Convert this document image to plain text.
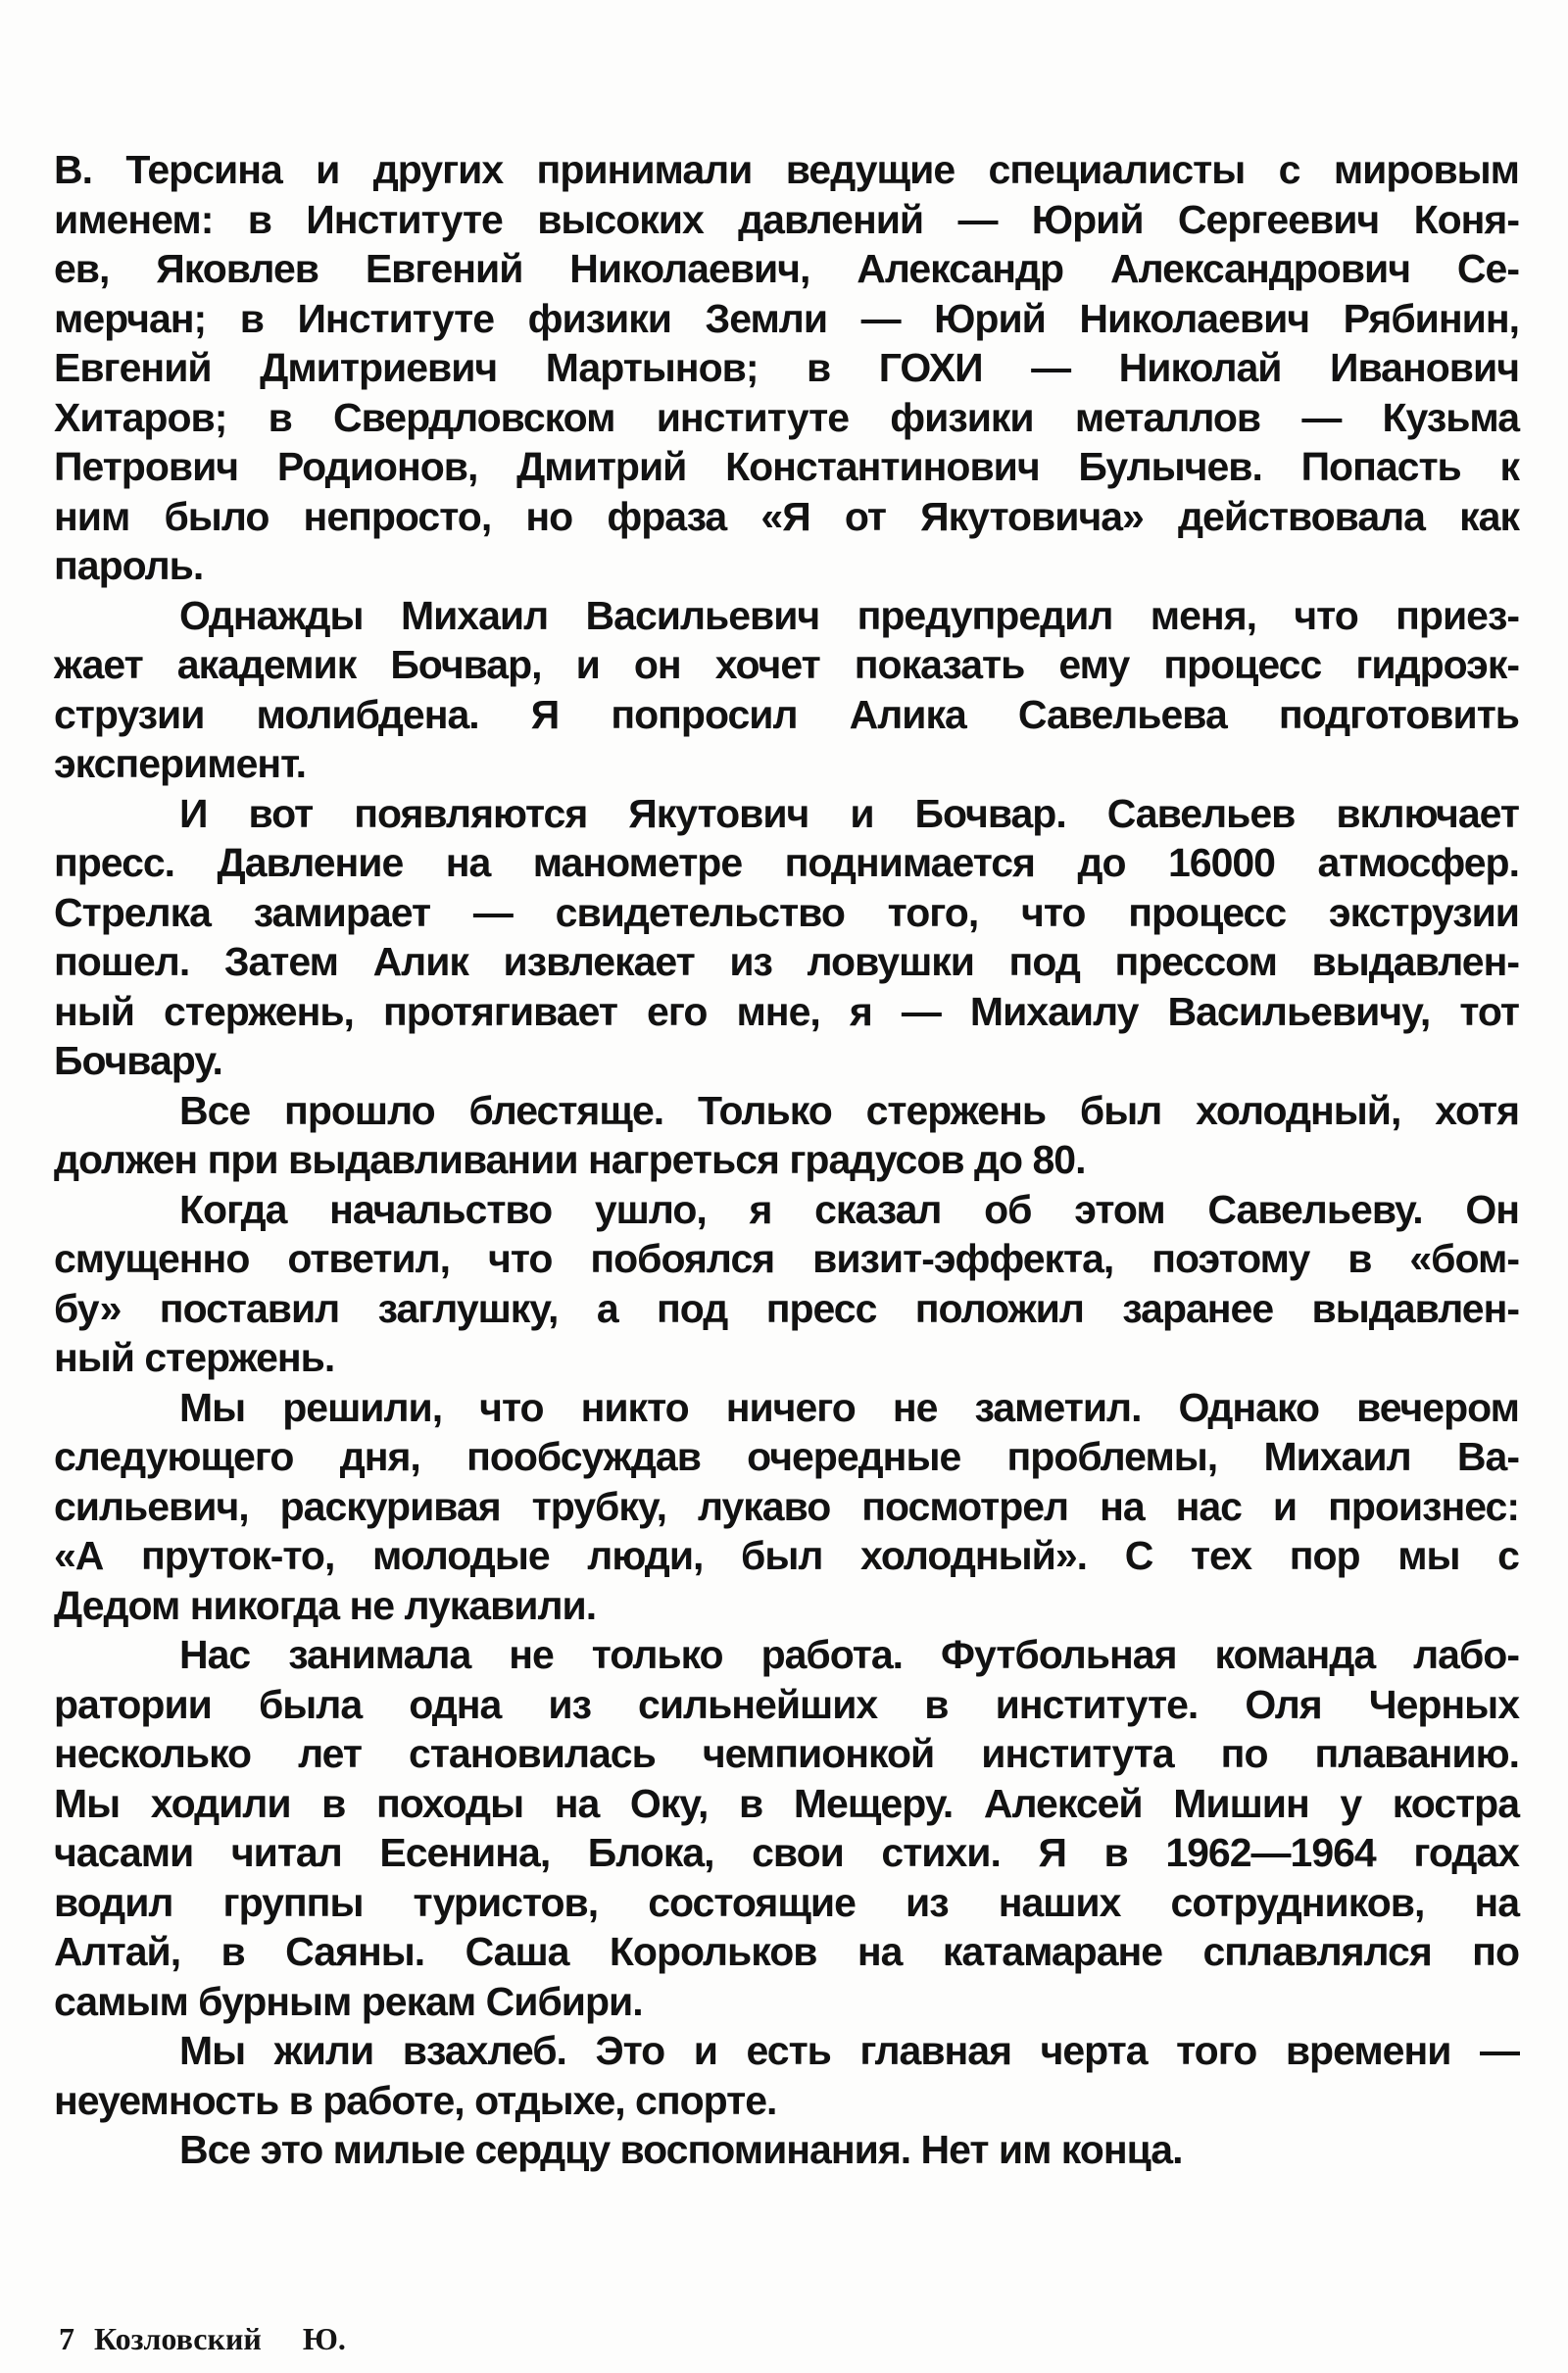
В. Терсина и других принимали ведущие специалисты с мировым
именем: в Институте высоких давлений — Юрий Сергеевич Коня-
ев, Яковлев Евгений Николаевич, Александр Александрович Се-
мерчан; в Институте физики Земли — Юрий Николаевич Рябинин,
Евгений Дмитриевич Мартынов; в ГОХИ — Николай Иванович
Хитаров; в Свердловском институте физики металлов — Кузьма
Петрович Родионов, Дмитрий Константинович Булычев. Попасть к
ним было непросто, но фраза «Я от Якутовича» действовала как
пароль.
Однажды Михаил Васильевич предупредил меня, что приез-
жает академик Бочвар, и он хочет показать ему процесс гидроэк-
струзии молибдена. Я попросил Алика Савельева подготовить
эксперимент.
И вот появляются Якутович и Бочвар. Савельев включает
пресс. Давление на манометре поднимается до 16000 атмосфер.
Стрелка замирает — свидетельство того, что процесс экструзии
пошел. Затем Алик извлекает из ловушки под прессом выдавлен-
ный стержень, протягивает его мне, я — Михаилу Васильевичу, тот
Бочвару.
Все прошло блестяще. Только стержень был холодный, хотя
должен при выдавливании нагреться градусов до 80.
Когда начальство ушло, я сказал об этом Савельеву. Он
смущенно ответил, что побоялся визит-эффекта, поэтому в «бом-
бу» поставил заглушку, а под пресс положил заранее выдавлен-
ный стержень.
Мы решили, что никто ничего не заметил. Однако вечером
следующего дня, пообсуждав очередные проблемы, Михаил Ва-
сильевич, раскуривая трубку, лукаво посмотрел на нас и произнес:
«А пруток-то, молодые люди, был холодный». С тех пор мы с
Дедом никогда не лукавили.
Нас занимала не только работа. Футбольная команда лабо-
ратории была одна из сильнейших в институте. Оля Черных
несколько лет становилась чемпионкой института по плаванию.
Мы ходили в походы на Оку, в Мещеру. Алексей Мишин у костра
часами читал Есенина, Блока, свои стихи. Я в 1962—1964 годах
водил группы туристов, состоящие из наших сотрудников, на
Алтай, в Саяны. Саша Корольков на катамаране сплавлялся по
самым бурным рекам Сибири.
Мы жили взахлеб. Это и есть главная черта того времени —
неуемность в работе, отдыхе, спорте.
Все это милые сердцу воспоминания. Нет им конца.
7 Козловский Ю.
